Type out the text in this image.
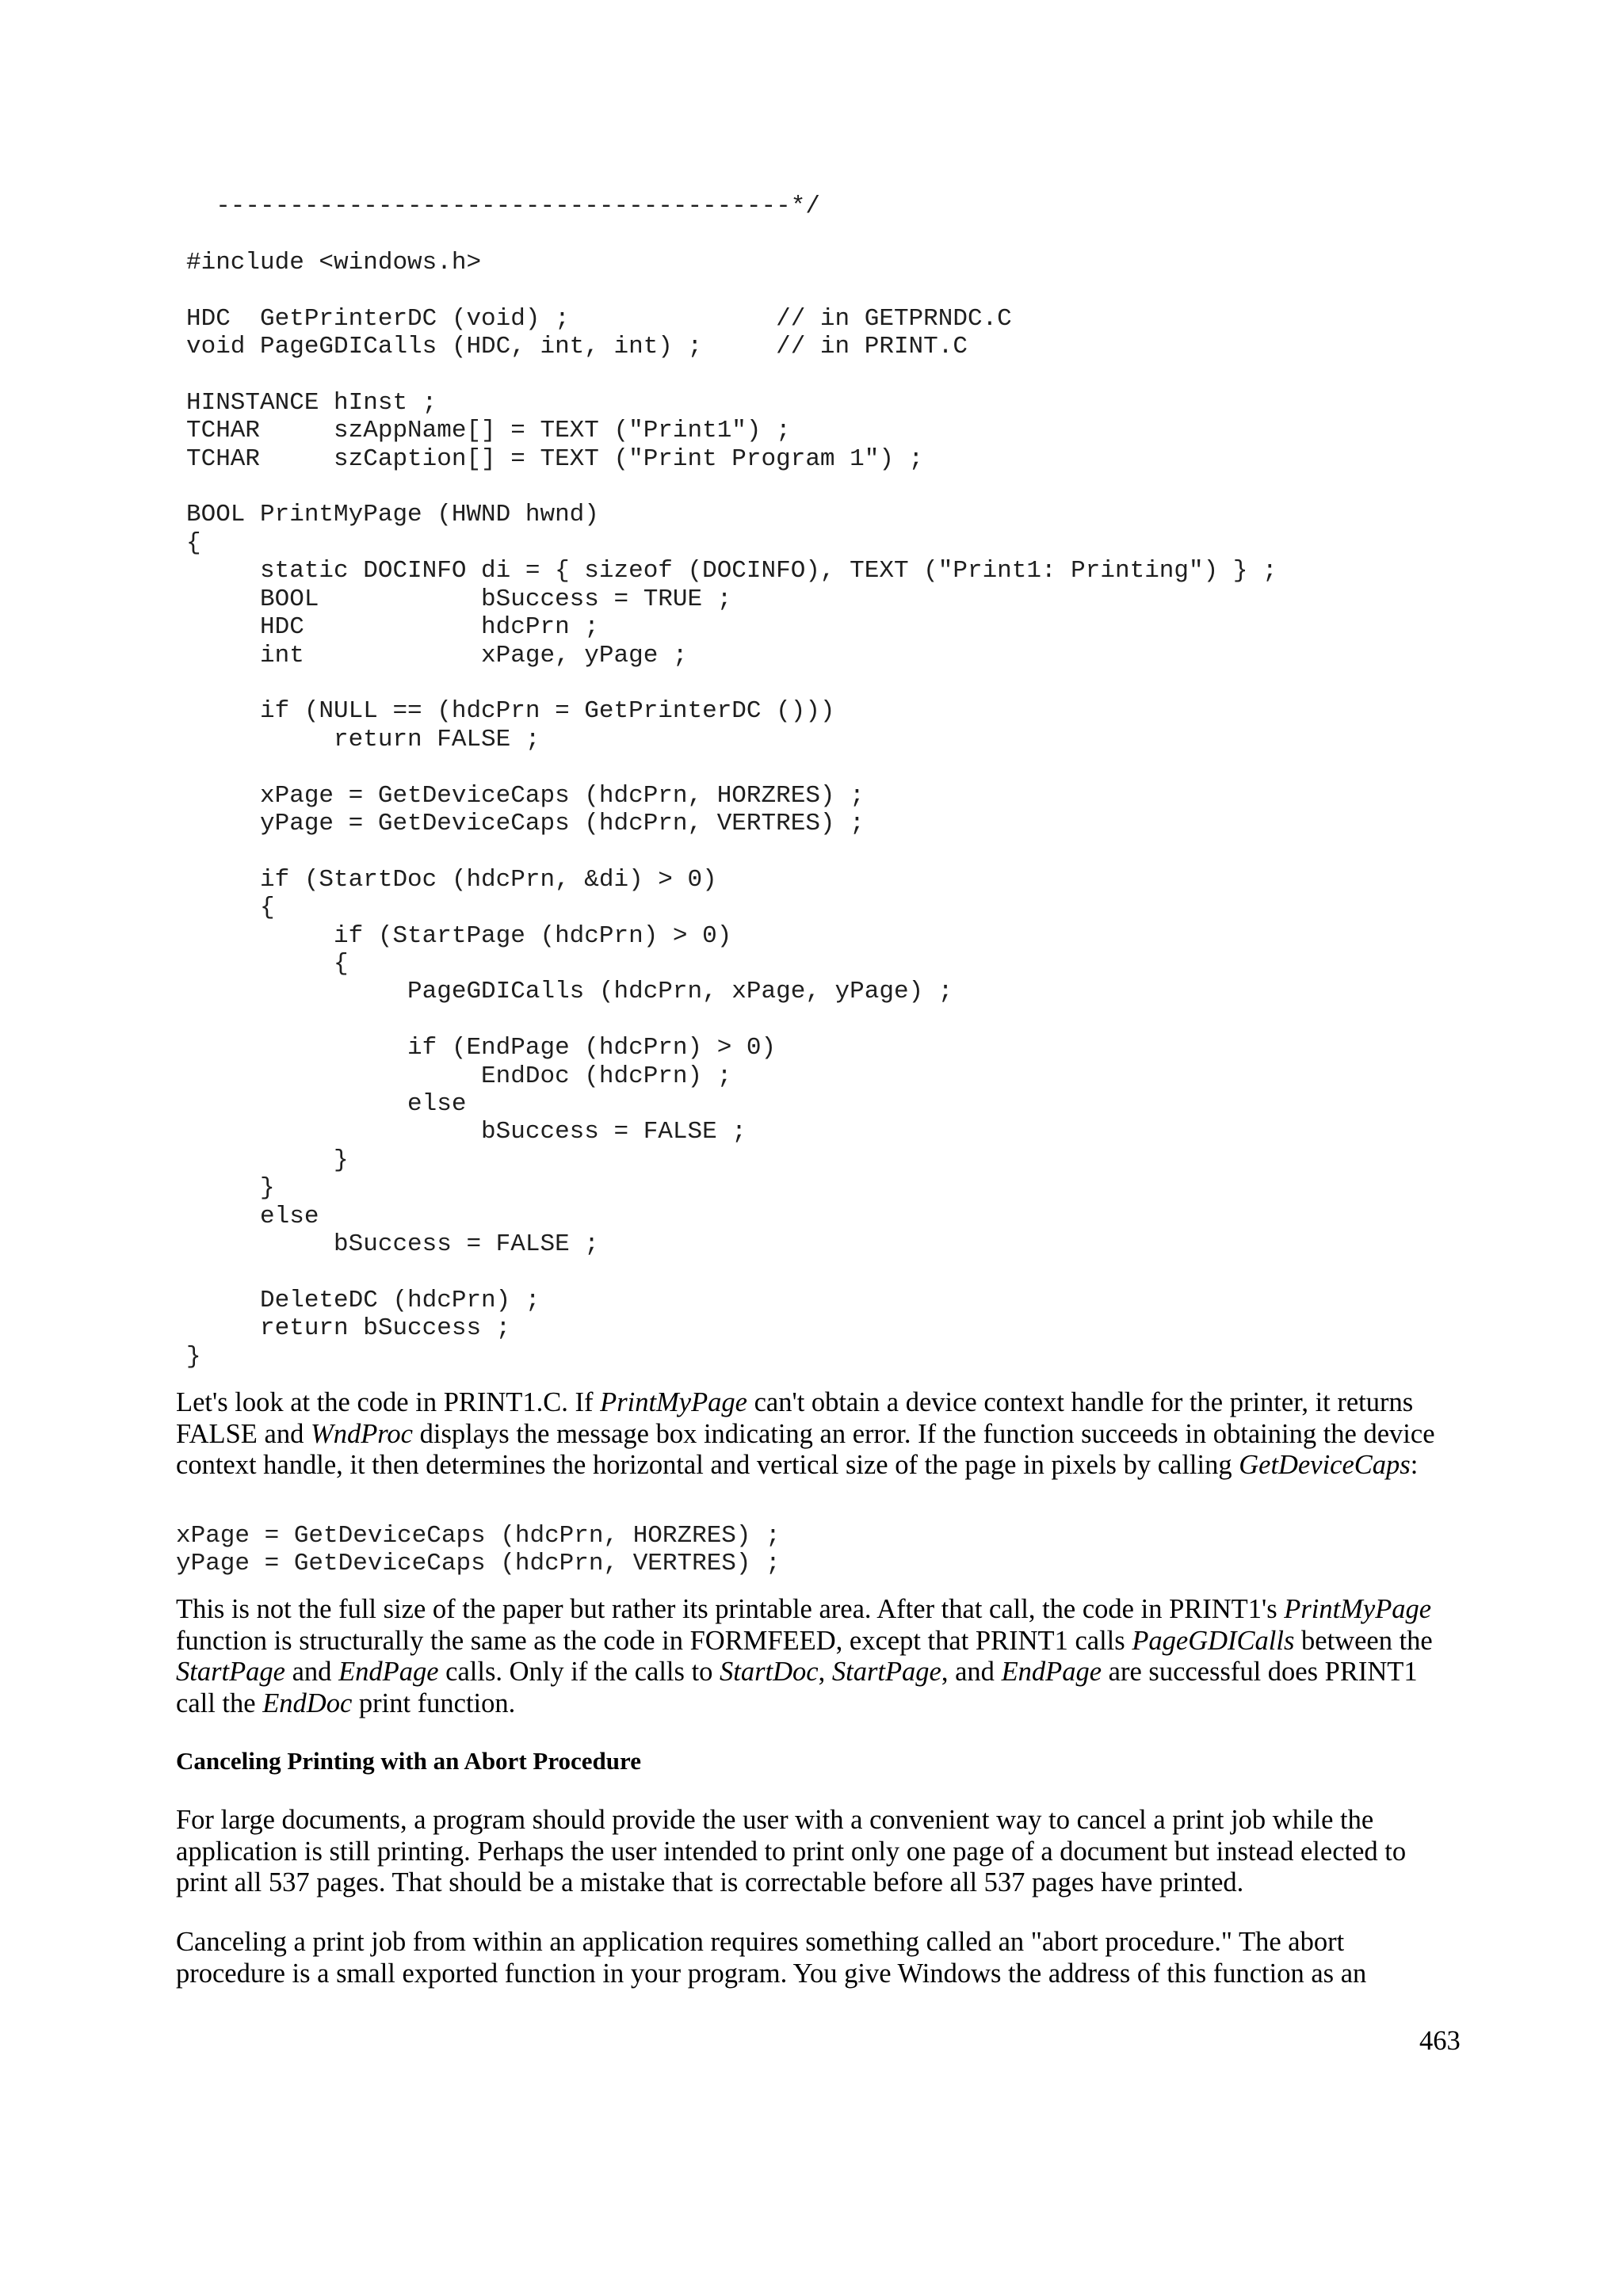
---------------------------------------*/
#include <windows.h>
HDC  GetPrinterDC (void) ;              // in GETPRNDC.C
void PageGDICalls (HDC, int, int) ;     // in PRINT.C
HINSTANCE hInst ;
TCHAR     szAppName[] = TEXT ("Print1") ;
TCHAR     szCaption[] = TEXT ("Print Program 1") ;
BOOL PrintMyPage (HWND hwnd)
{
static DOCINFO di = { sizeof (DOCINFO), TEXT ("Print1: Printing") } ;
BOOL           bSuccess = TRUE ;
HDC            hdcPrn ;
int            xPage, yPage ;
if (NULL == (hdcPrn = GetPrinterDC ()))
return FALSE ;
xPage = GetDeviceCaps (hdcPrn, HORZRES) ;
yPage = GetDeviceCaps (hdcPrn, VERTRES) ;
if (StartDoc (hdcPrn, &di) > 0)
{
if (StartPage (hdcPrn) > 0)
{
PageGDICalls (hdcPrn, xPage, yPage) ;
if (EndPage (hdcPrn) > 0)
EndDoc (hdcPrn) ;
else
bSuccess = FALSE ;
}
}
else
bSuccess = FALSE ;
DeleteDC (hdcPrn) ;
return bSuccess ;
}
Let's look at the code in PRINT1.C. If PrintMyPage can't obtain a device context handle for the printer, it returns
FALSE and WndProc displays the message box indicating an error. If the function succeeds in obtaining the device
context handle, it then determines the horizontal and vertical size of the page in pixels by calling GetDeviceCaps:
xPage = GetDeviceCaps (hdcPrn, HORZRES) ;
yPage = GetDeviceCaps (hdcPrn, VERTRES) ;
This is not the full size of the paper but rather its printable area. After that call, the code in PRINT1's PrintMyPage
function is structurally the same as the code in FORMFEED, except that PRINT1 calls PageGDICalls between the
StartPage and EndPage calls. Only if the calls to StartDoc, StartPage, and EndPage are successful does PRINT1
call the EndDoc print function.
Canceling Printing with an Abort Procedure
For large documents, a program should provide the user with a convenient way to cancel a print job while the
application is still printing. Perhaps the user intended to print only one page of a document but instead elected to
print all 537 pages. That should be a mistake that is correctable before all 537 pages have printed.
Canceling a print job from within an application requires something called an "abort procedure." The abort
procedure is a small exported function in your program. You give Windows the address of this function as an
463
